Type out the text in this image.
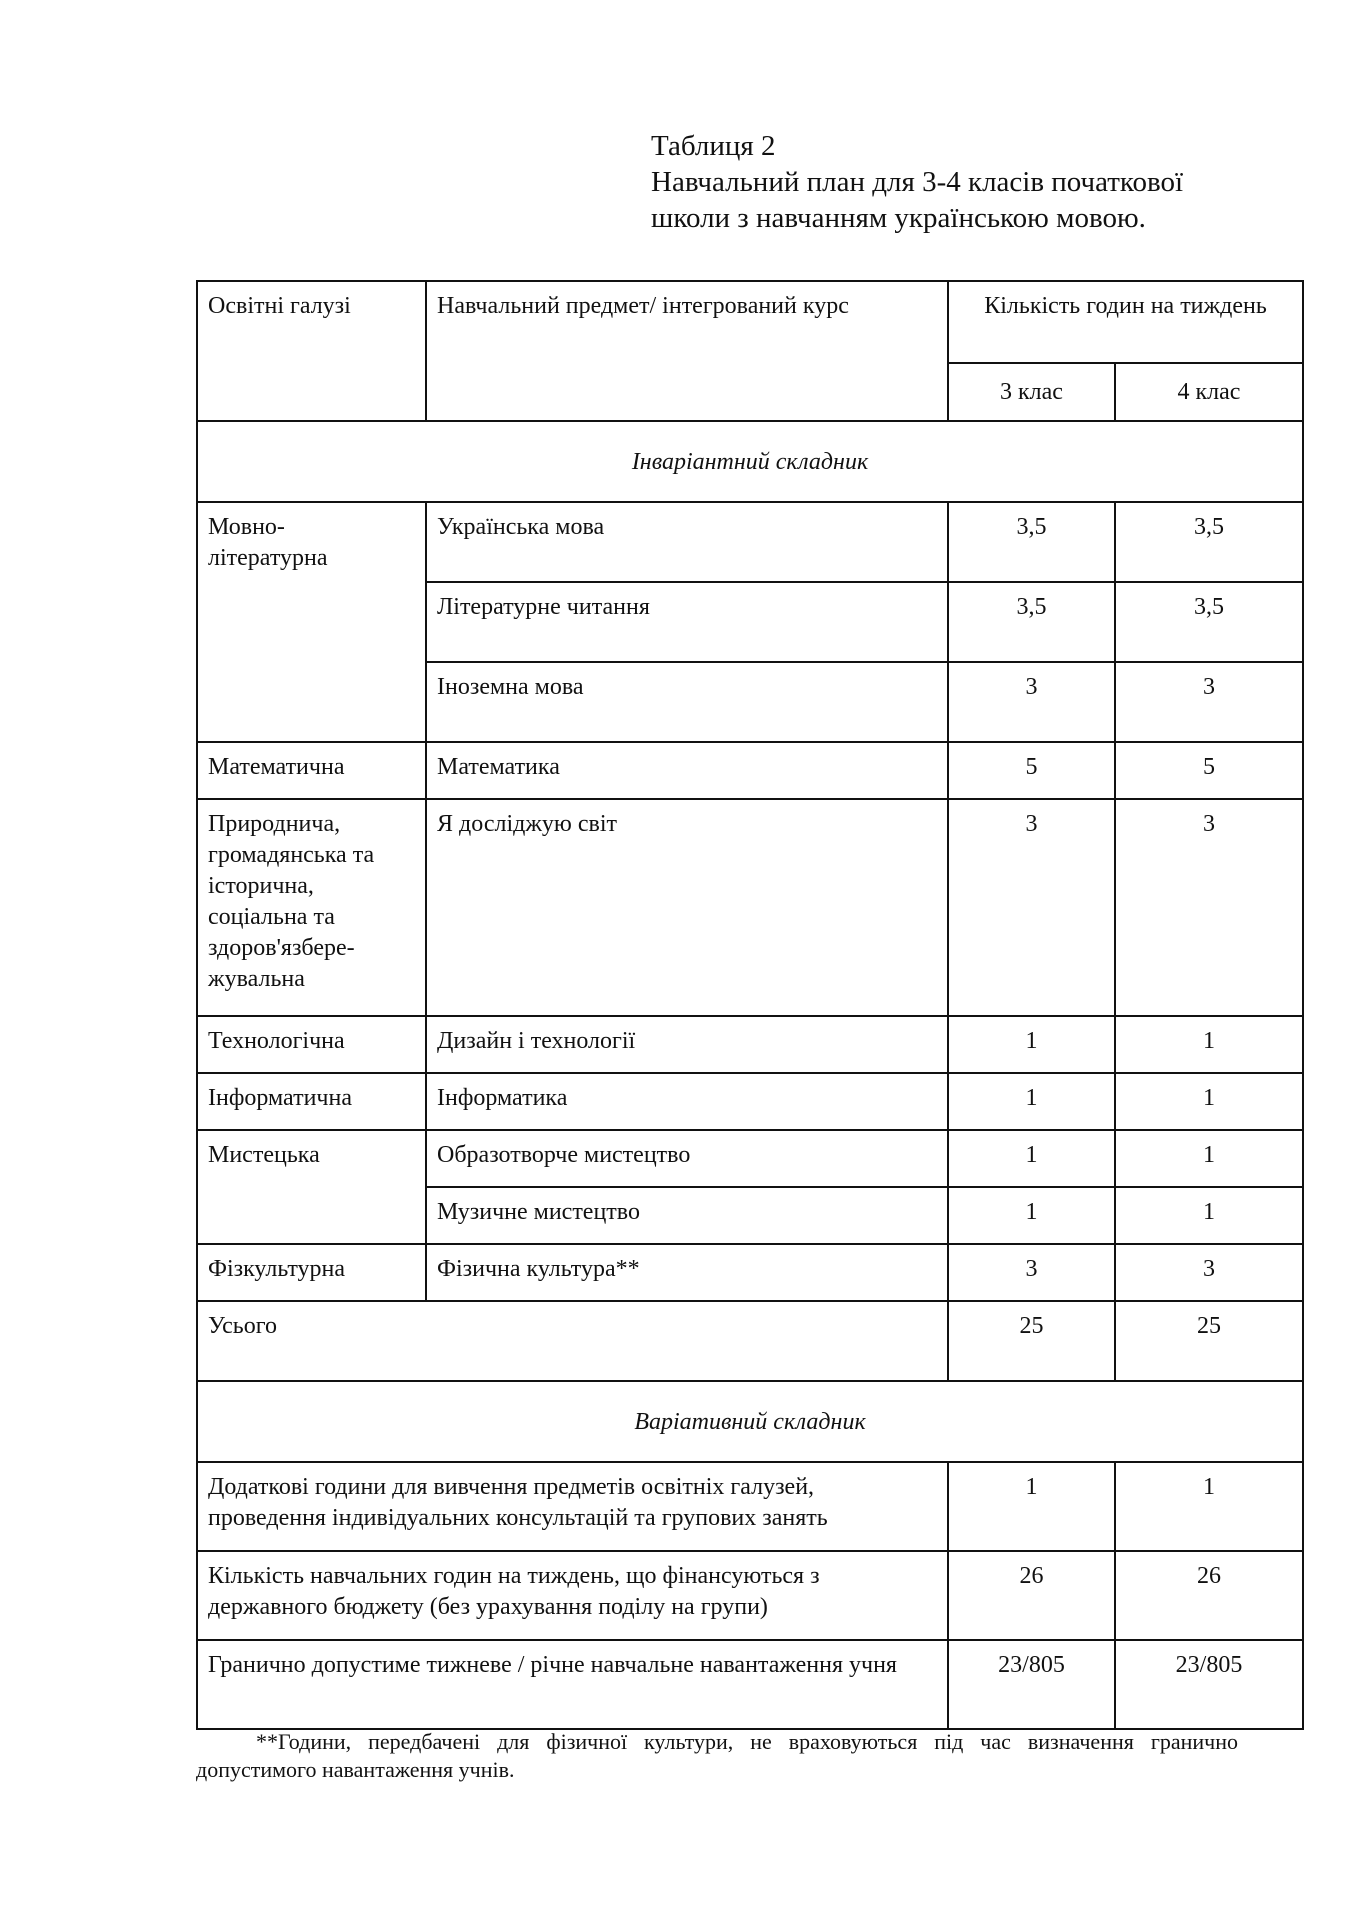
Таблиця 2
Навчальний план для 3-4 класів початкової
школи з навчанням українською мовою.
Освітні галузі	Навчальний предмет/ інтегрований курс	Кількість годин на тиждень	
		3 клас	4 клас
Інваріантний складник			
Мовно-
літературна	Українська мова	3,5	3,5
	Літературне читання	3,5	3,5
	Іноземна мова	3	3
Математична	Математика	5	5
Природнича, громадянська та історична, соціальна та здоров'язбере-жувальна	Я досліджую світ	3	3
Технологічна	Дизайн і технології	1	1
Інформатична	Інформатика	1	1
Мистецька	Образотворче мистецтво	1	1
	Музичне мистецтво	1	1
Фізкультурна	Фізична культура**	3	3
Усього		25	25
Варіативний складник			
Додаткові години для вивчення предметів освітніх галузей, проведення індивідуальних консультацій та групових занять		1	1
Кількість навчальних годин на тиждень, що фінансуються з державного бюджету (без урахування поділу на групи)		26	26
Гранично допустиме тижневе / річне навчальне навантаження учня		23/805	23/805
**Години, передбачені для фізичної культури, не враховуються під час визначення гранично допустимого навантаження учнів.
